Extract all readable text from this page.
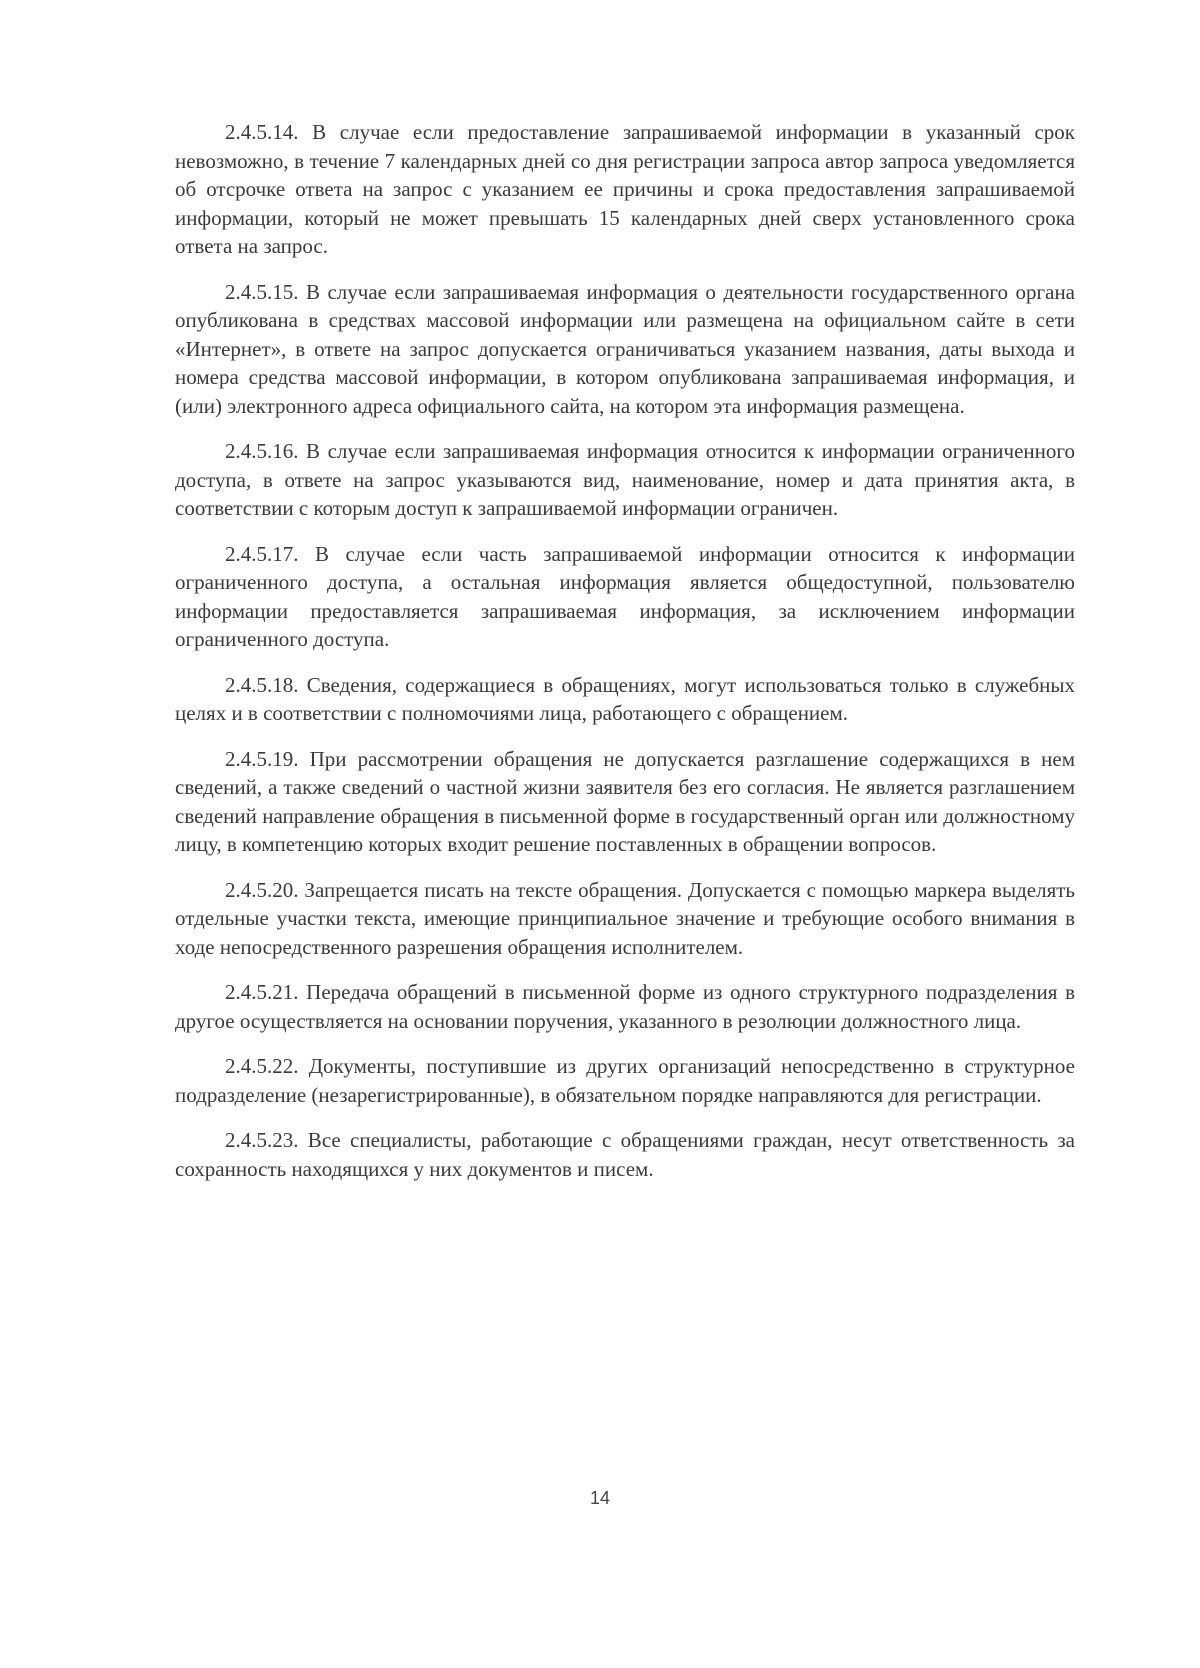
2.4.5.14. В случае если предоставление запрашиваемой информации в указанный срок невозможно, в течение 7 календарных дней со дня регистрации запроса автор запроса уведомляется об отсрочке ответа на запрос с указанием ее причины и срока предоставления запрашиваемой информации, который не может превышать 15 календарных дней сверх установленного срока ответа на запрос.

2.4.5.15. В случае если запрашиваемая информация о деятельности государственного органа опубликована в средствах массовой информации или размещена на официальном сайте в сети «Интернет», в ответе на запрос допускается ограничиваться указанием названия, даты выхода и номера средства массовой информации, в котором опубликована запрашиваемая информация, и (или) электронного адреса официального сайта, на котором эта информация размещена.

2.4.5.16. В случае если запрашиваемая информация относится к информации ограниченного доступа, в ответе на запрос указываются вид, наименование, номер и дата принятия акта, в соответствии с которым доступ к запрашиваемой информации ограничен.

2.4.5.17. В случае если часть запрашиваемой информации относится к информации ограниченного доступа, а остальная информация является общедоступной, пользователю информации предоставляется запрашиваемая информация, за исключением информации ограниченного доступа.

2.4.5.18. Сведения, содержащиеся в обращениях, могут использоваться только в служебных целях и в соответствии с полномочиями лица, работающего с обращением.

2.4.5.19. При рассмотрении обращения не допускается разглашение содержащихся в нем сведений, а также сведений о частной жизни заявителя без его согласия. Не является разглашением сведений направление обращения в письменной форме в государственный орган или должностному лицу, в компетенцию которых входит решение поставленных в обращении вопросов.

2.4.5.20. Запрещается писать на тексте обращения. Допускается с помощью маркера выделять отдельные участки текста, имеющие принципиальное значение и требующие особого внимания в ходе непосредственного разрешения обращения исполнителем.

2.4.5.21. Передача обращений в письменной форме из одного структурного подразделения в другое осуществляется на основании поручения, указанного в резолюции должностного лица.

2.4.5.22. Документы, поступившие из других организаций непосредственно в структурное подразделение (незарегистрированные), в обязательном порядке направляются для регистрации.

2.4.5.23. Все специалисты, работающие с обращениями граждан, несут ответственность за сохранность находящихся у них документов и писем.

14
